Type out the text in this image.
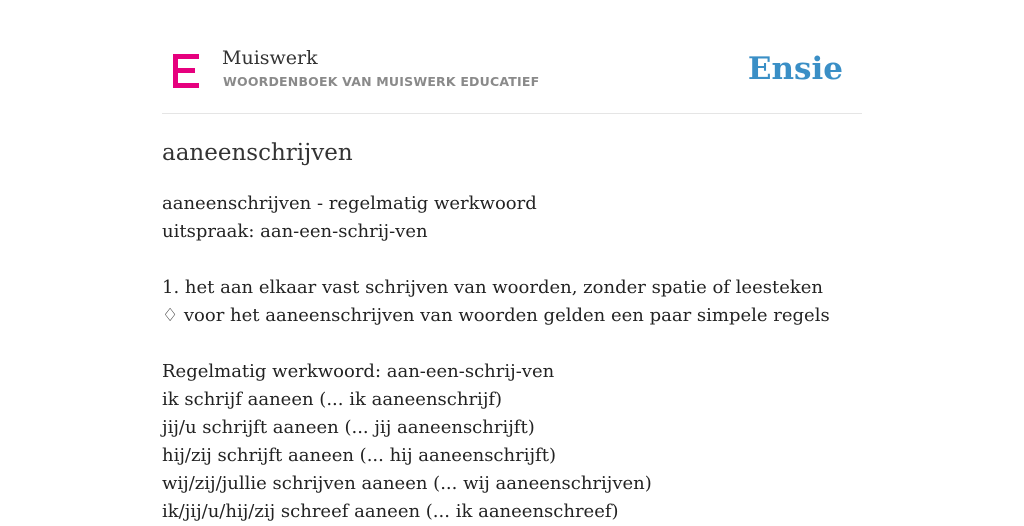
Muiswerk
WOORDENBOEK VAN MUISWERK EDUCATIEF	Ensie
aaneenschrijven
aaneenschrijven - regelmatig werkwoord
uitspraak: aan-een-schrij-ven
1. het aan elkaar vast schrijven van woorden, zonder spatie of leesteken
♢ voor het aaneenschrijven van woorden gelden een paar simpele regels
Regelmatig werkwoord: aan-een-schrij-ven
ik schrijf aaneen (... ik aaneenschrijf)
jij/u schrijft aaneen (... jij aaneenschrijft)
hij/zij schrijft aaneen (... hij aaneenschrijft)
wij/zij/jullie schrijven aaneen (... wij aaneenschrijven)
ik/jij/u/hij/zij schreef aaneen (... ik aaneenschreef)
